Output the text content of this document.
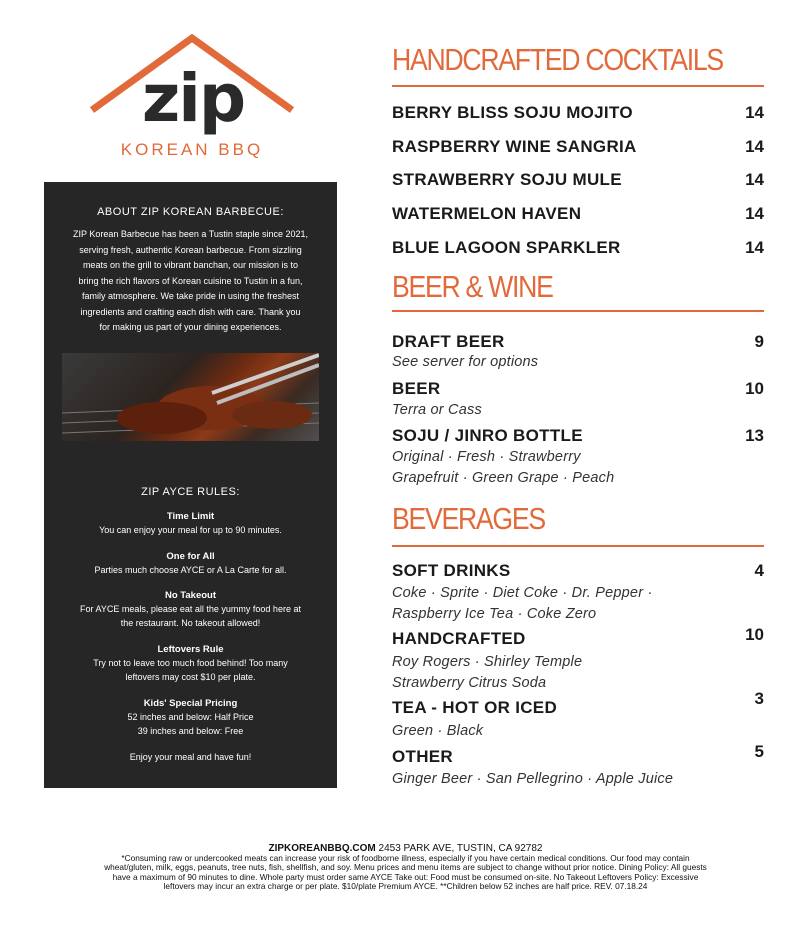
zip
KOREAN BBQ
ABOUT ZIP KOREAN BARBECUE:
ZIP Korean Barbecue has been a Tustin staple since 2021,
serving fresh, authentic Korean barbecue. From sizzling
meats on the grill to vibrant banchan, our mission is to
bring the rich flavors of Korean cuisine to Tustin in a fun,
family atmosphere. We take pride in using the freshest
ingredients and crafting each dish with care. Thank you
for making us part of your dining experiences.
ZIP AYCE RULES:
Time Limit
You can enjoy your meal for up to 90 minutes.
One for All
Parties much choose AYCE or A La Carte for all.
No Takeout
For AYCE meals, please eat all the yummy food here at
the restaurant. No takeout allowed!
Leftovers Rule
Try not to leave too much food behind! Too many
leftovers may cost $10 per plate.
Kids' Special Pricing
52 inches and below: Half Price
39 inches and below: Free
Enjoy your meal and have fun!
HANDCRAFTED COCKTAILS
BERRY BLISS SOJU MOJITO	14
RASPBERRY WINE SANGRIA	14
STRAWBERRY SOJU MULE	14
WATERMELON HAVEN	14
BLUE LAGOON SPARKLER	14
BEER & WINE
DRAFT BEER	9
See server for options
BEER	10
Terra or Cass
SOJU / JINRO BOTTLE	13
Original · Fresh · Strawberry
Grapefruit · Green Grape · Peach
BEVERAGES
SOFT DRINKS	4
Coke · Sprite · Diet Coke · Dr. Pepper ·
Raspberry Ice Tea · Coke Zero
HANDCRAFTED	10
Roy Rogers · Shirley Temple
Strawberry Citrus Soda
TEA - HOT OR ICED	3
Green · Black
OTHER	5
Ginger Beer · San Pellegrino · Apple Juice
ZIPKOREANBBQ.COM 2453 PARK AVE, TUSTIN, CA 92782
*Consuming raw or undercooked meats can increase your risk of foodborne illness, especially if you have certain medical conditions. Our food may contain
wheat/gluten, milk, eggs, peanuts, tree nuts, fish, shellfish, and soy. Menu prices and menu items are subject to change without prior notice. Dining Policy: All guests
have a maximum of 90 minutes to dine. Whole party must order same AYCE Take out: Food must be consumed on-site. No Takeout Leftovers Policy: Excessive
leftovers may incur an extra charge or per plate. $10/plate Premium AYCE. **Children below 52 inches are half price. REV. 07.18.24
